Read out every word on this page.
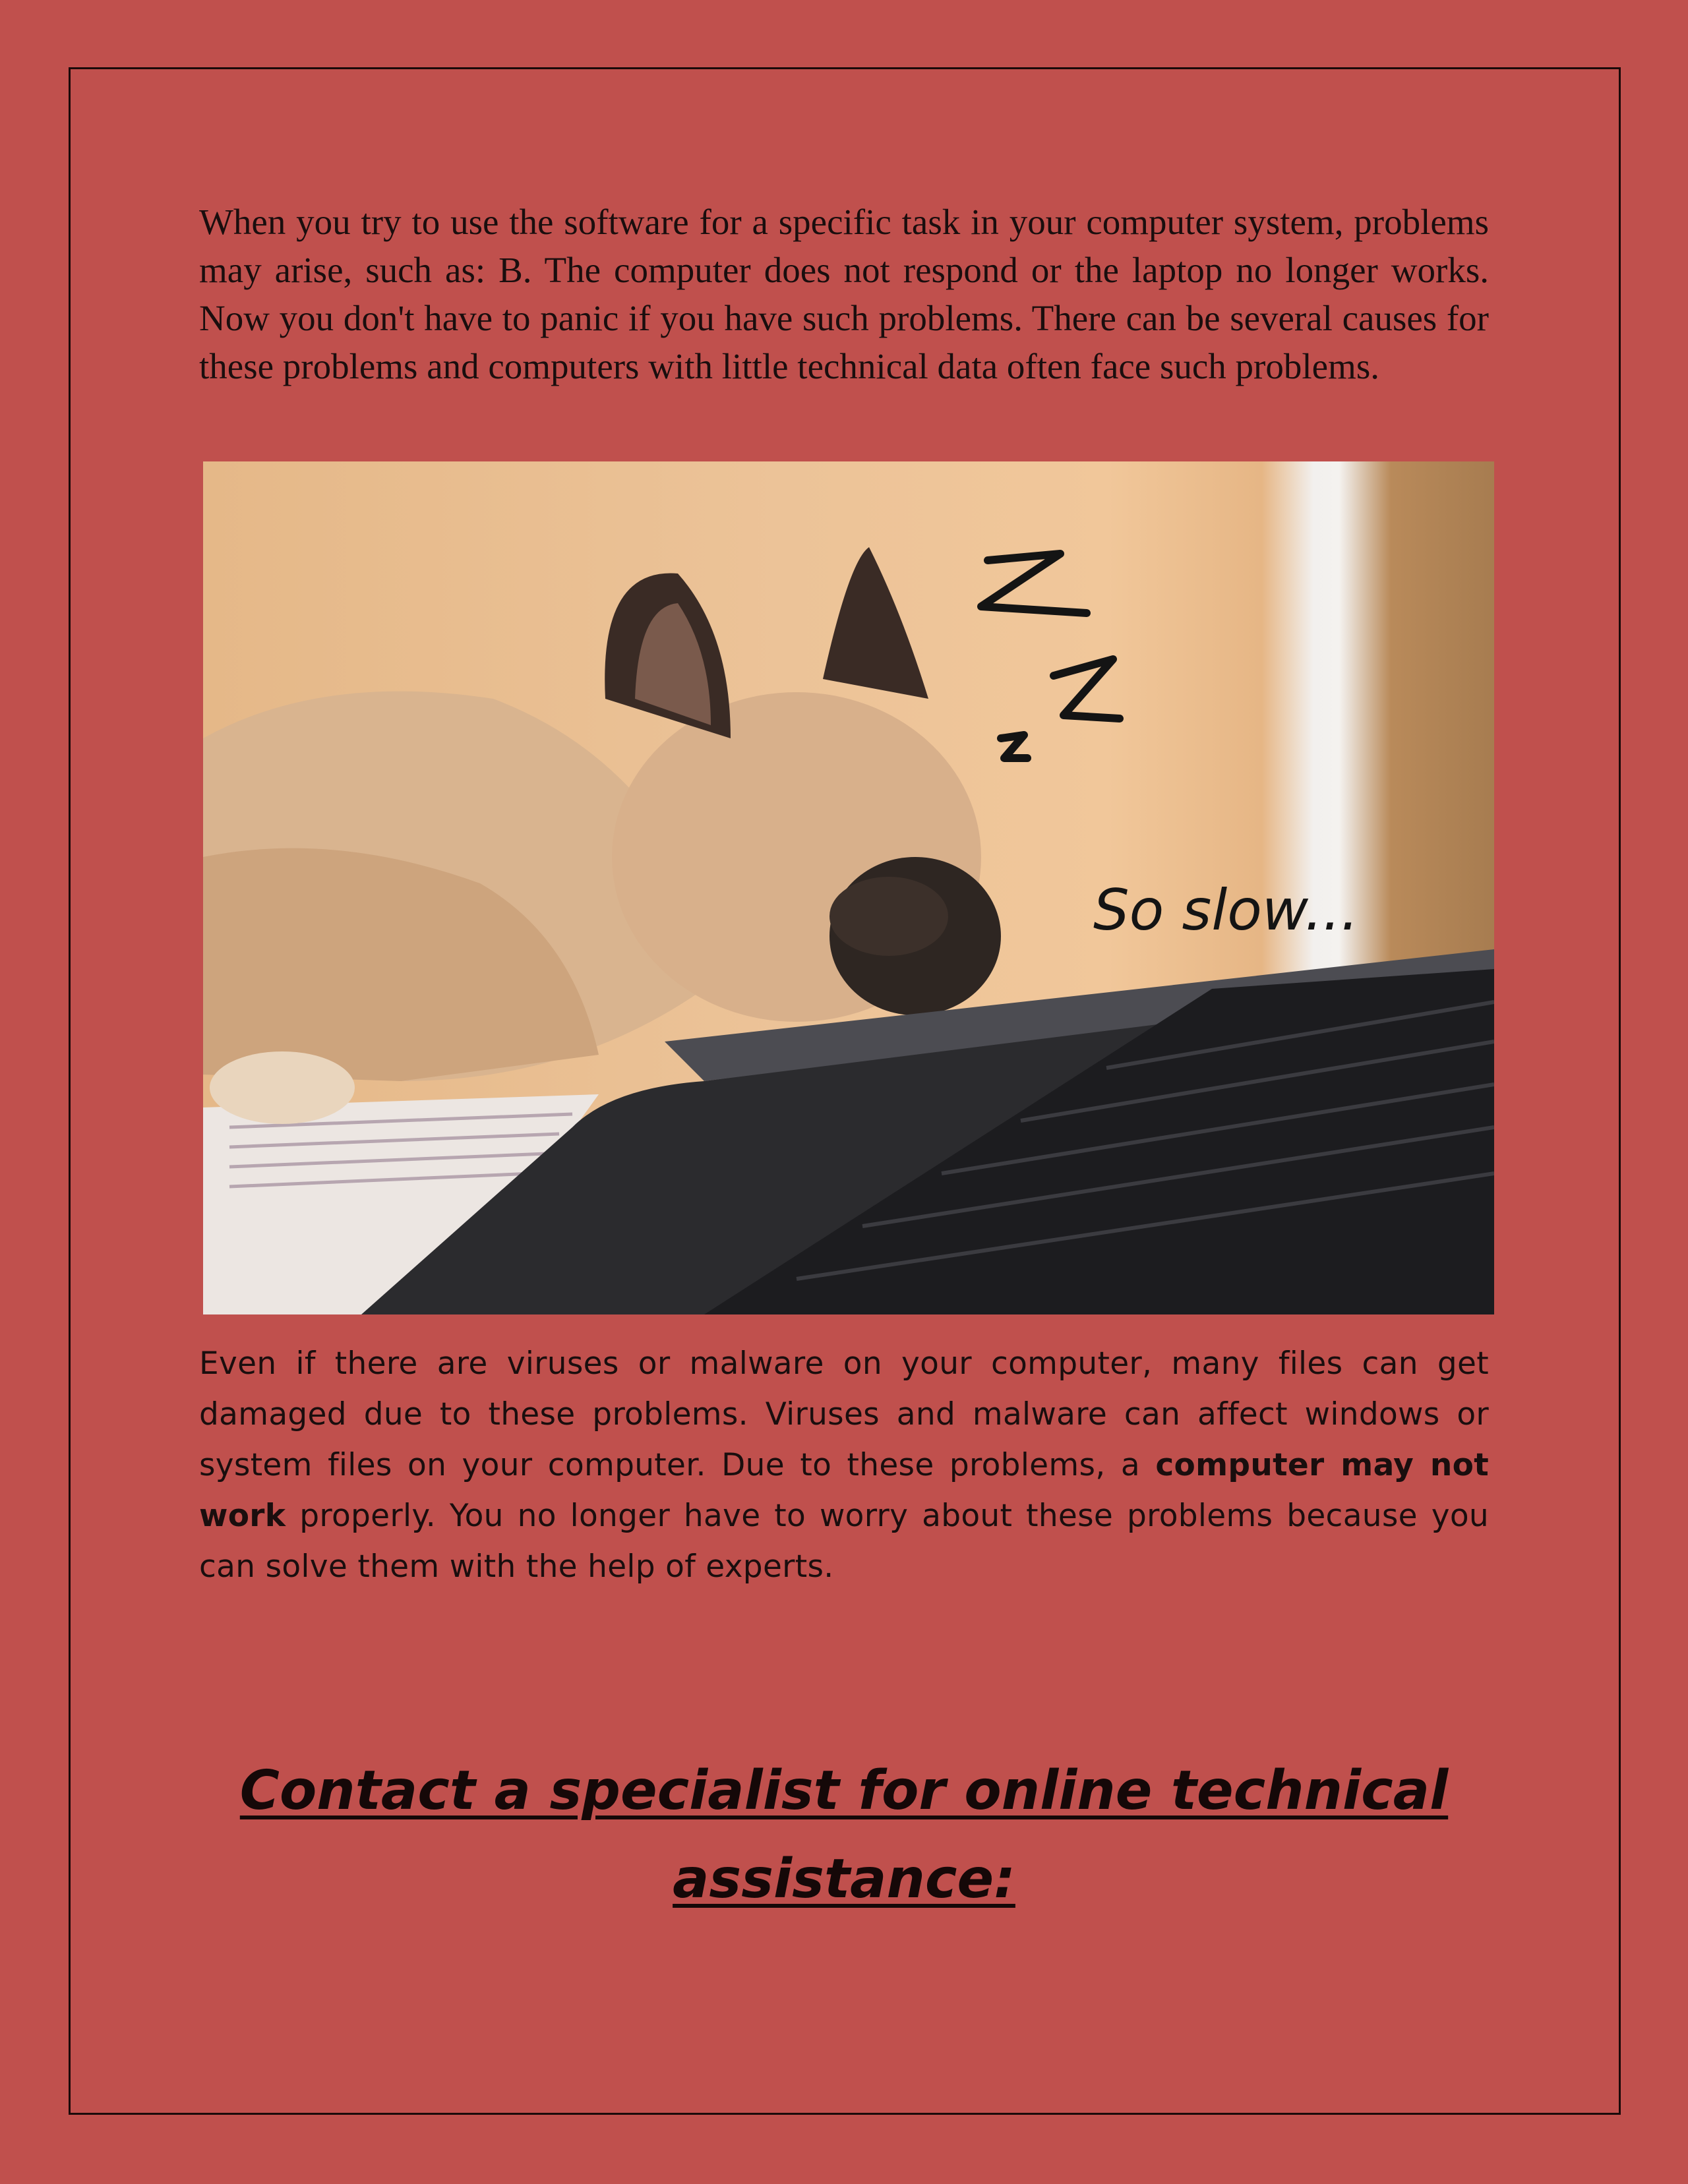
When you try to use the software for a specific task in your computer system, problems may arise, such as: B. The computer does not respond or the laptop no longer works. Now you don't have to panic if you have such problems. There can be several causes for these problems and computers with little technical data often face such problems.

So slow...

Even if there are viruses or malware on your computer, many files can get damaged due to these problems. Viruses and malware can affect windows or system files on your computer. Due to these problems, a computer may not work properly. You no longer have to worry about these problems because you can solve them with the help of experts.

Contact a specialist for online technical assistance:
